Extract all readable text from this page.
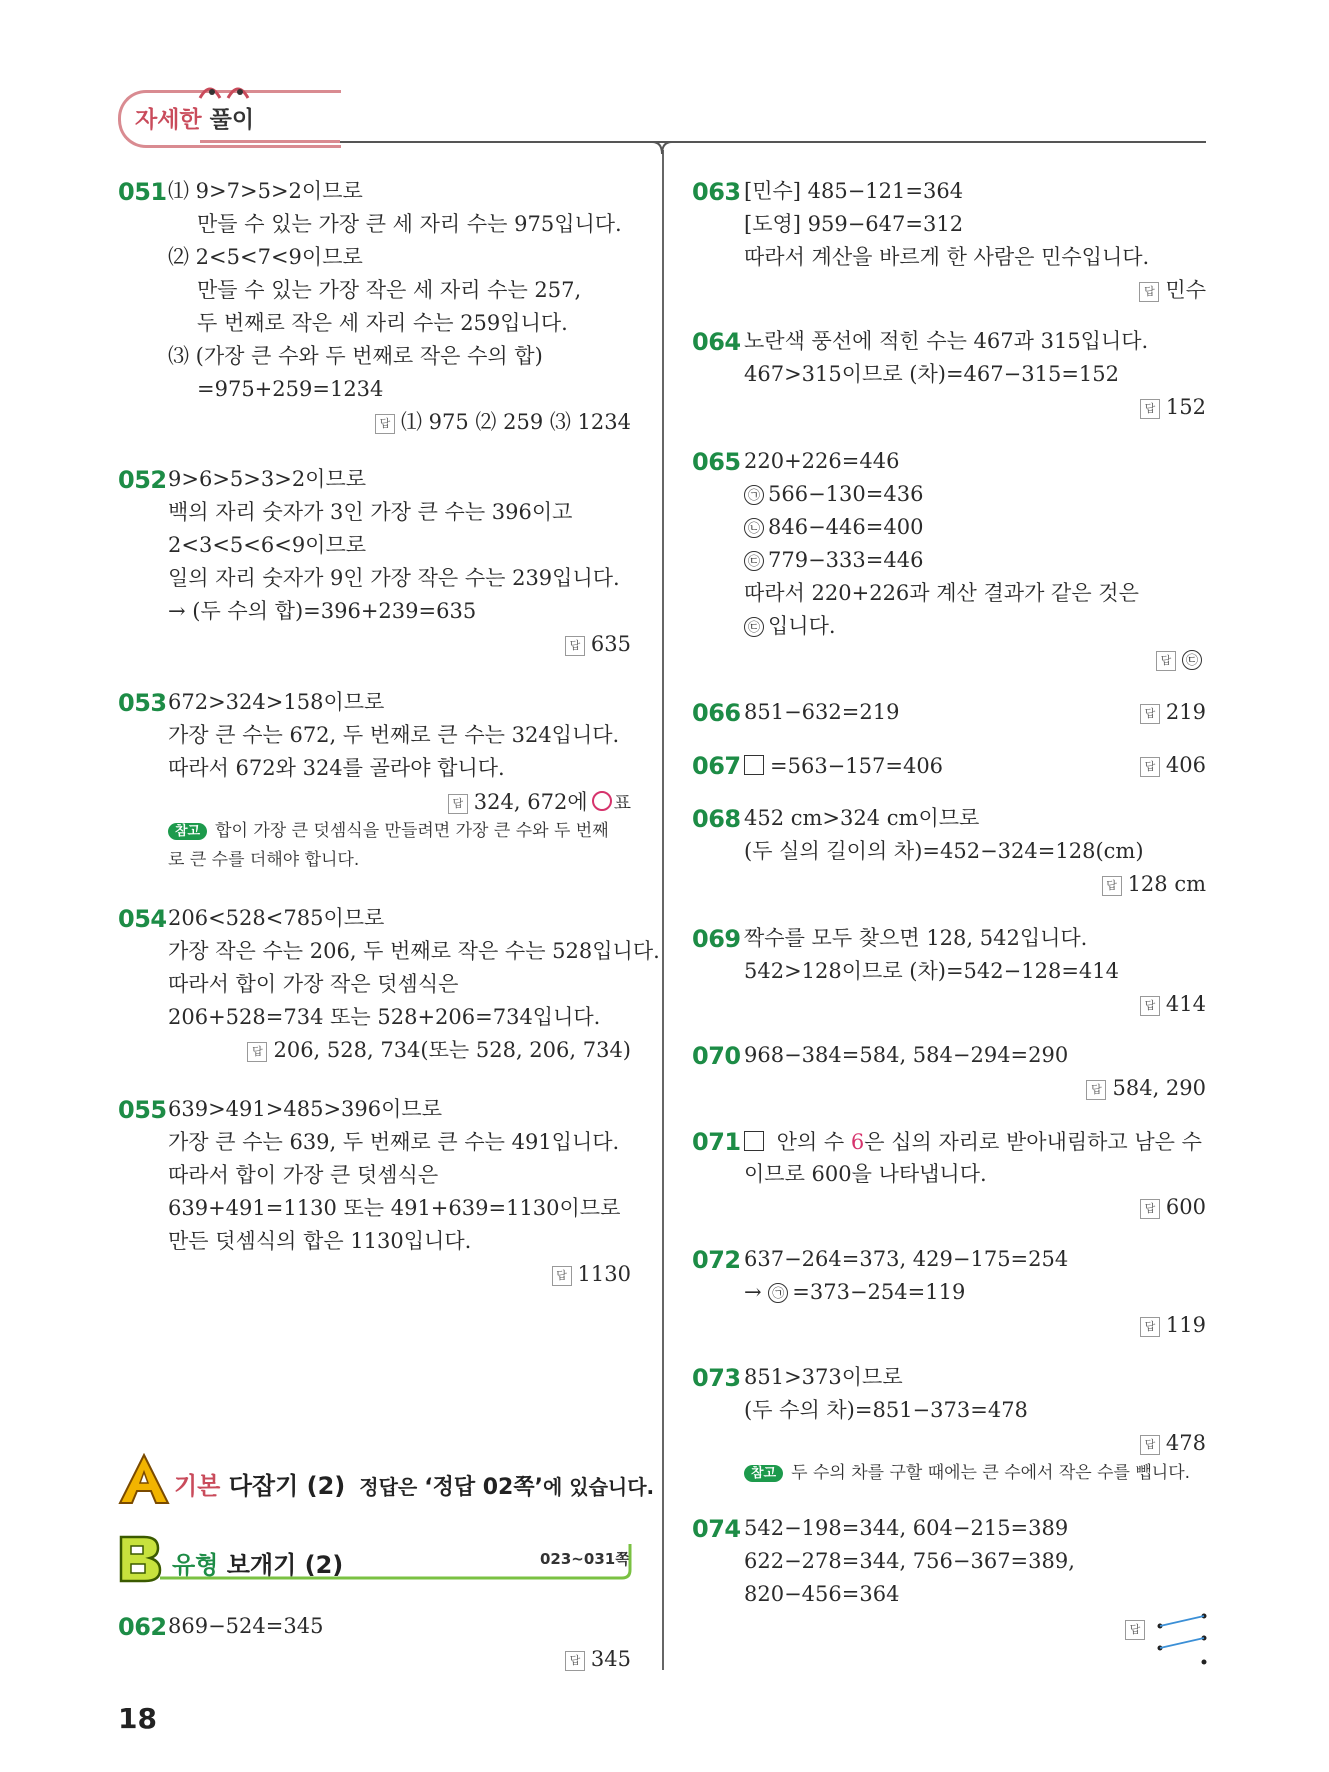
자세한 풀이
051 ⑴ 9>7>5>2이므로
만들 수 있는 가장 큰 세 자리 수는 975입니다.
⑵ 2<5<7<9이므로
만들 수 있는 가장 작은 세 자리 수는 257,
두 번째로 작은 세 자리 수는 259입니다.
⑶ (가장 큰 수와 두 번째로 작은 수의 합)
=975+259=1234
답 ⑴ 975 ⑵ 259 ⑶ 1234
052 9>6>5>3>2이므로
백의 자리 숫자가 3인 가장 큰 수는 396이고
2<3<5<6<9이므로
일의 자리 숫자가 9인 가장 작은 수는 239입니다.
→ (두 수의 합)=396+239=635
답 635
053 672>324>158이므로
가장 큰 수는 672, 두 번째로 큰 수는 324입니다.
따라서 672와 324를 골라야 합니다.
답 324, 672에 ○ 표
참고 합이 가장 큰 덧셈식을 만들려면 가장 큰 수와 두 번째
로 큰 수를 더해야 합니다.
054 206<528<785이므로
가장 작은 수는 206, 두 번째로 작은 수는 528입니다.
따라서 합이 가장 작은 덧셈식은
206+528=734 또는 528+206=734입니다.
답 206, 528, 734(또는 528, 206, 734)
055 639>491>485>396이므로
가장 큰 수는 639, 두 번째로 큰 수는 491입니다.
따라서 합이 가장 큰 덧셈식은
639+491=1130 또는 491+639=1130이므로
만든 덧셈식의 합은 1130입니다.
답 1130
기본 다잡기 (2) 정답은 ‘정답 02쪽’에 있습니다.
유형 보개기 (2)	023~031쪽
062 869−524=345
답 345
063 [민수] 485−121=364
[도영] 959−647=312
따라서 계산을 바르게 한 사람은 민수입니다.
답 민수
064 노란색 풍선에 적힌 수는 467과 315입니다.
467>315이므로 (차)=467−315=152
답 152
065 220+226=446
㉠ 566−130=436
㉡ 846−446=400
㉢ 779−333=446
따라서 220+226과 계산 결과가 같은 것은
㉢ 입니다.
답 ㉢
066 851−632=219	답 219
067	=563−157=406	답 406
068 452 cm>324 cm이므로
(두 실의 길이의 차)=452−324=128(cm)
답 128 cm
069 짝수를 모두 찾으면 128, 542입니다.
542>128이므로 (차)=542−128=414
답 414
070 968−384=584, 584−294=290
답 584, 290
071	안의 수 6은 십의 자리로 받아내림하고 남은 수
이므로 600을 나타냅니다.
답 600
072 637−264=373, 429−175=254
→ ㉠ =373−254=119
답 119
073 851>373이므로
(두 수의 차)=851−373=478
답 478
참고 두 수의 차를 구할 때에는 큰 수에서 작은 수를 뺍니다.
074 542−198=344, 604−215=389
622−278=344, 756−367=389,
820−456=364
답
18
